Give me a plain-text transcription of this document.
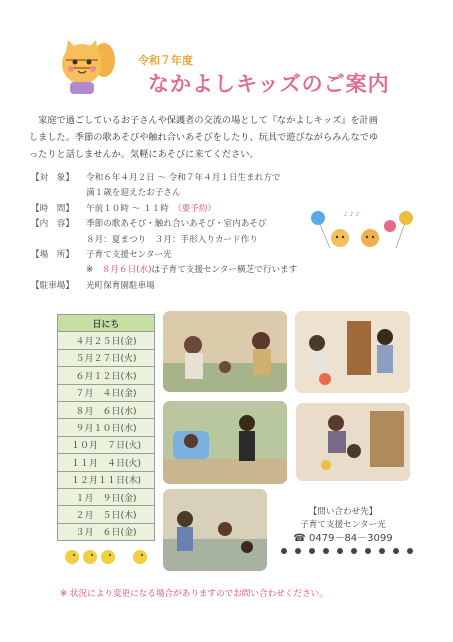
令和７年度
なかよしキッズのご案内

家庭で過ごしているお子さんや保護者の交流の場として『なかよしキッズ』を計画

しました。季節の歌あそびや触れ合いあそびをしたり、玩具で遊びながらみんなでゆ
ったりと話しませんか。気軽にあそびに来てください。
【対　象】	令和６年４月２日 ～ 令和７年４月１日生まれ方で
満１歳を迎えたお子さん
【時　間】	午前１０時 ～ １１時　 （要予約）
【内　容】	季節の歌あそび・触れ合いあそび・室内あそび
８月：夏まつり　３月：手形入りカード作り
【場　所】	子育て支援センター光
※　８月６日(水)は子育て支援センター横芝で行います
【駐車場】	光町保育園駐車場
♪ ♪ ♪
日にち
４月２５日(金)
５月２７日(火)
６月１２日(木)
７月　４日(金)
８月　６日(水)
９月１０日(水)
１０月　７日(火)
１１月　４日(火)
１２月１１日(木)
１月　９日(金)
２月　５日(木)
３月　６日(金)
【問い合わせ先】
子育て支援センター光
☎ 0479－84－3099
※ 状況により変更になる場合がありますのでお問い合わせください。
